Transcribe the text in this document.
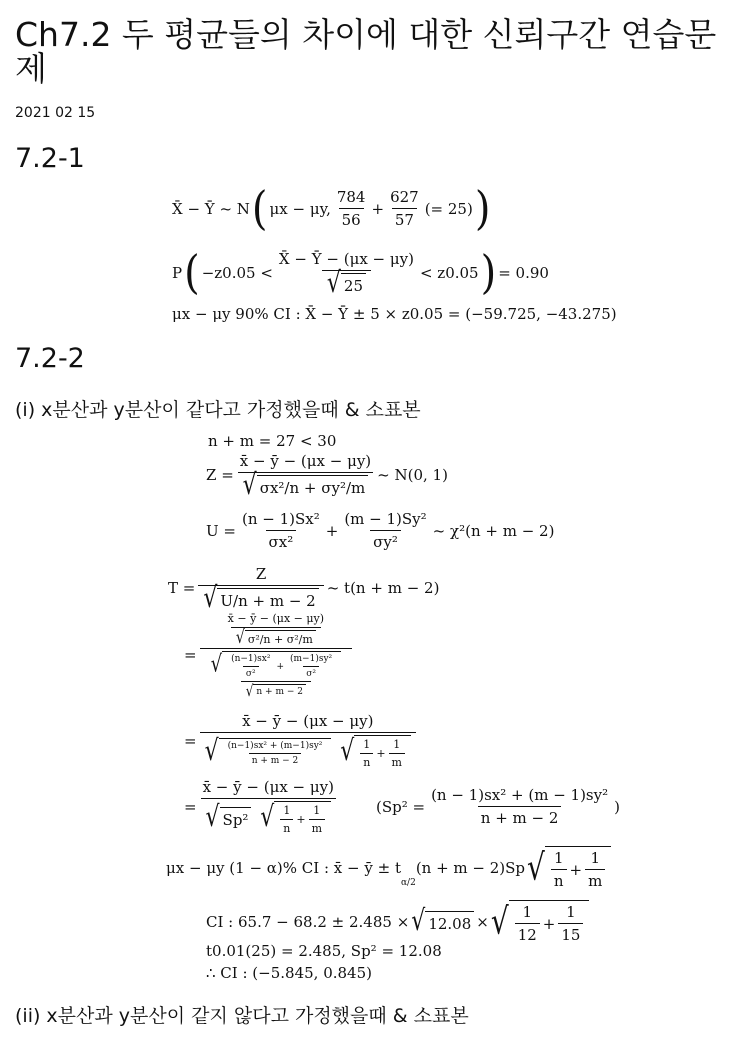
Ch7.2 두 평균들의 차이에 대한 신뢰구간 연습문제
2021 02 15
7.2-1
X̄ − Ȳ ~ N ( μx − μy, $\frac{784}{56} + \frac{627}{57}$ (= 25) )
P ( $-z0.05 < \frac{X̄ - Ȳ - (\mu x - \mu y)}{√ 25} < z0.05$ ) = 0.90
μx − μy 90% CI : X̄ − Ȳ ± 5 × z0.05 = (−59.725, −43.275)
7.2-2
(i) x분산과 y분산이 같다고 가정했을때 & 소표본
n + m = 27 < 30
$Z = \frac{x̄ - ȳ - (\mu x - \mu y)}{\text{√ σx²/n + σy²/m}}$ ~ N(0, 1)
$U = \frac{\text{(n − 1)Sx²}}{\text{σx²}} + \frac{\text{(m − 1)Sy²}}{\text{σy²}}$ ~ χ²(n + m − 2)
$T = \frac{Z}{√ U/n + m - 2}$ ~ t(n + m − 2)
=
$\frac{x̄ - ȳ - (\mu x - \mu y)}{\text{√ σ²/n + σ²/m}}$
$\frac{√ \frac{\text{(n−1)sx²}}{\text{σ²}} + \frac{\text{(m−1)sy²}}{\text{σ²}}}{√ n + m - 2}$
=
x̄ − ȳ − (μx − μy)
√ $\frac{\text{(n−1)sx² + (m−1)sy²}}{n + m - 2}$
√ $\frac{1}{n} + \frac{1}{m}$
= x̄ − ȳ − (μx − μy)
√ Sp²
√ $\frac{1}{n} + \frac{1}{m}$	($Sp^2 = \frac{\text{(n − 1)sx² + (m − 1)sy²}}{n + m - 2}$ )
μx − μy (1 − α)% CI : x̄ − ȳ ± t
α/2
(n + m − 2)Sp √ $\frac{1}{n} + \frac{1}{m}$
CI : 65.7 − 68.2 ± 2.485 × √ 12.08 × √ $\frac{1}{12} + \frac{1}{15}$
t0.01(25) = 2.485, Sp² = 12.08
∴ CI : (−5.845, 0.845)
(ii) x분산과 y분산이 같지 않다고 가정했을때 & 소표본
